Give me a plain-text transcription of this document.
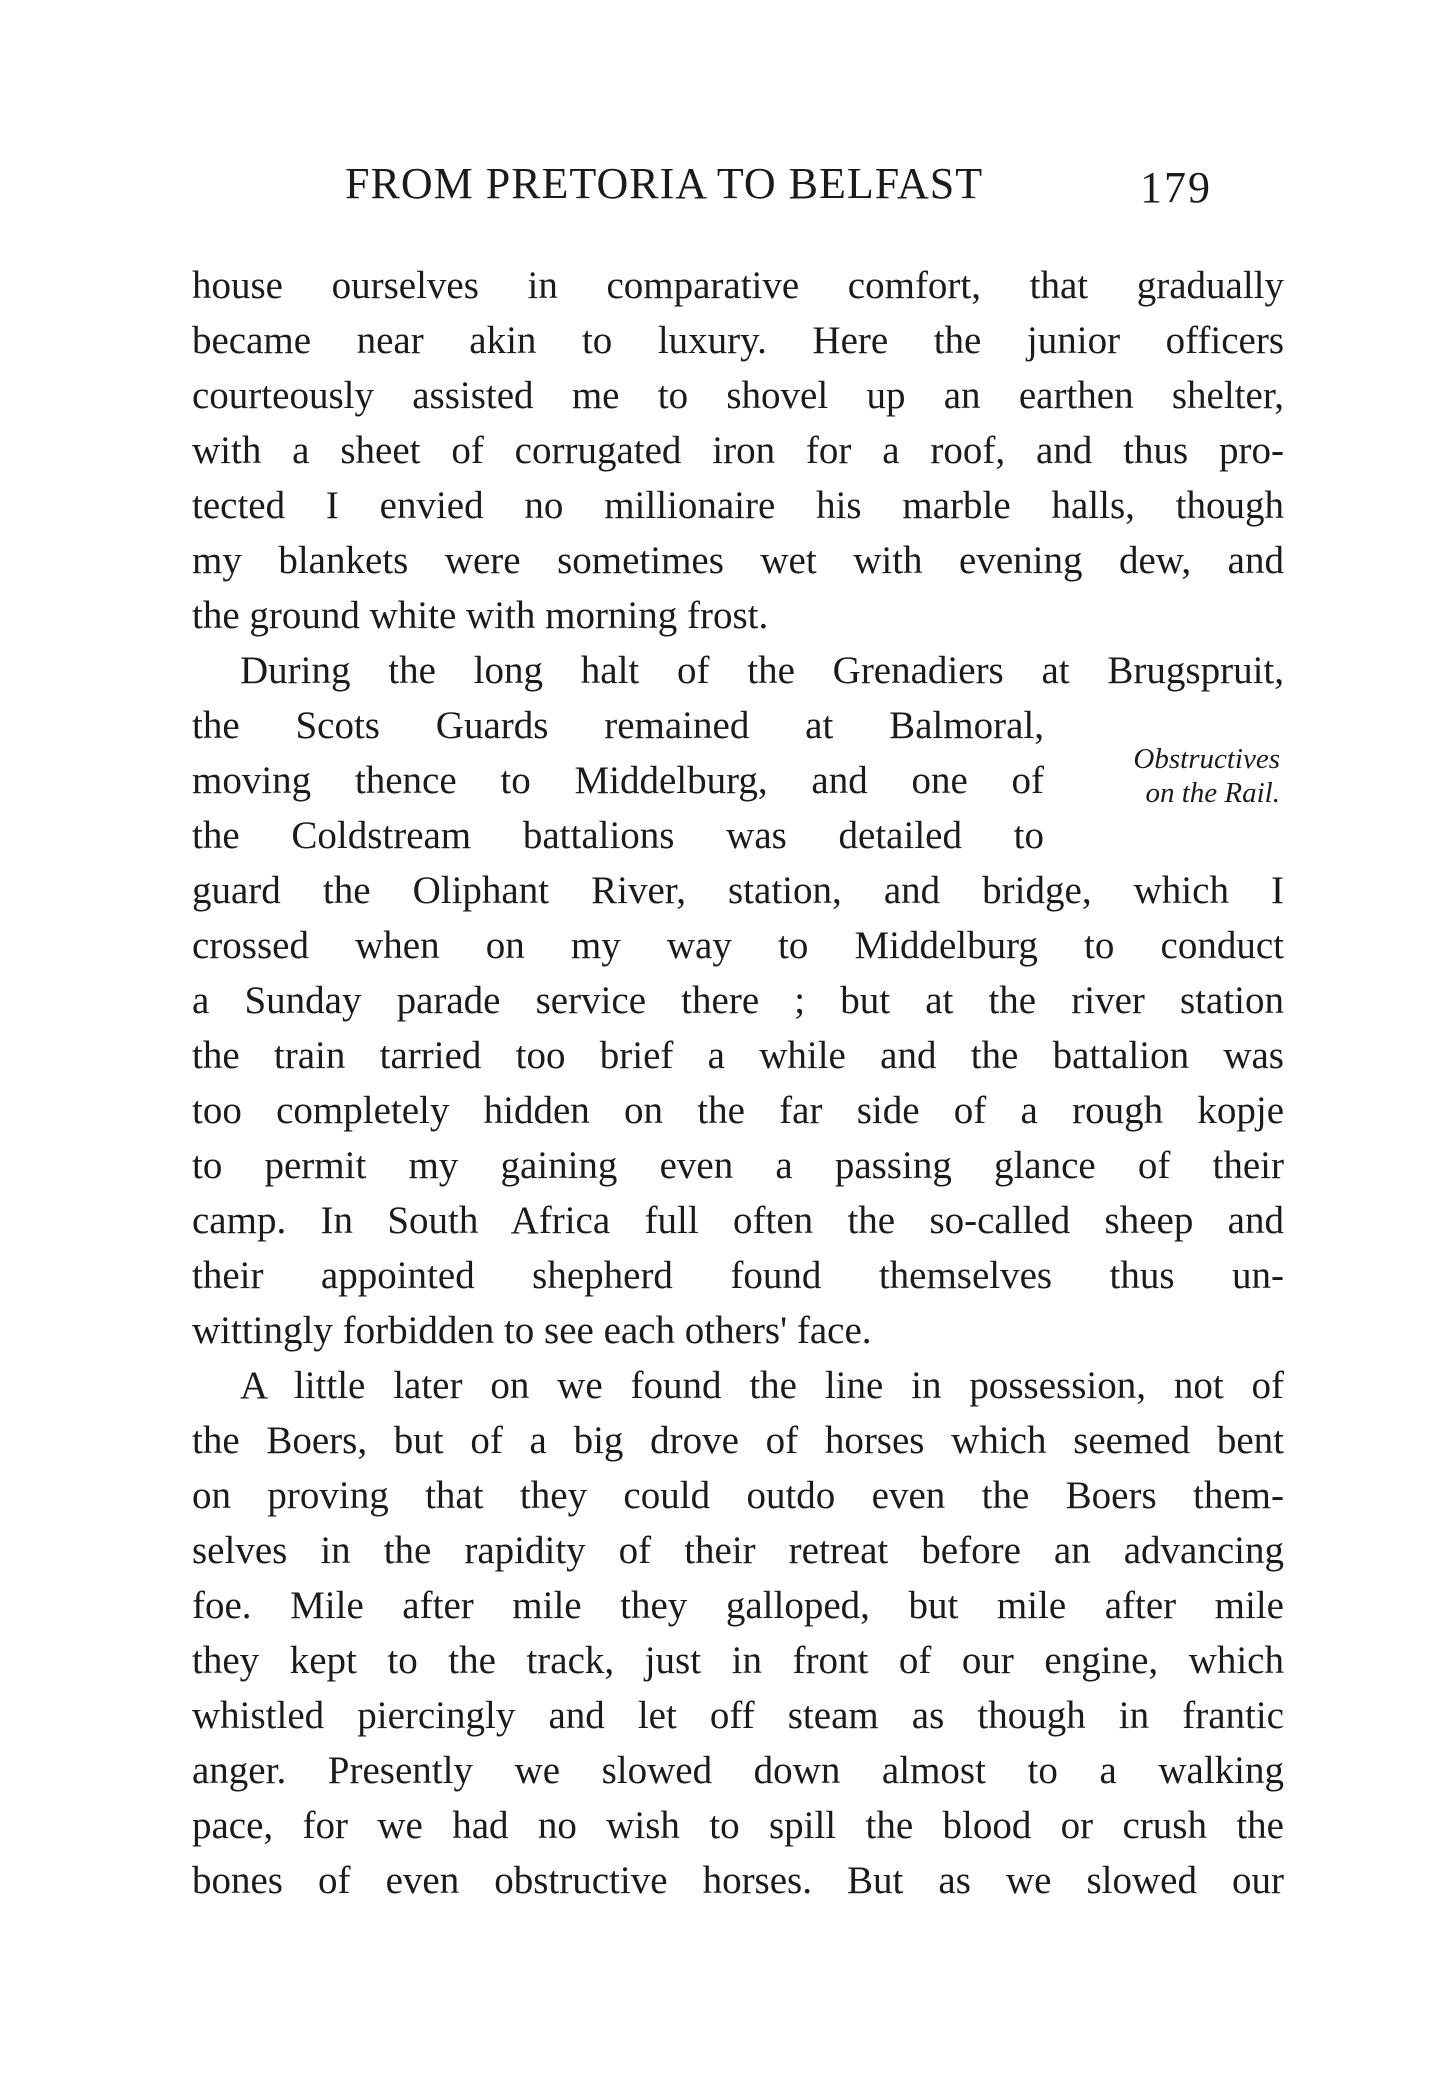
FROM PRETORIA TO BELFAST	179
house ourselves in comparative comfort, that gradually
became near akin to luxury. Here the junior officers
courteously assisted me to shovel up an earthen shelter,
with a sheet of corrugated iron for a roof, and thus pro-
tected I envied no millionaire his marble halls, though
my blankets were sometimes wet with evening dew, and
the ground white with morning frost.
During the long halt of the Grenadiers at Brugspruit,
the Scots Guards remained at Balmoral,
moving thence to Middelburg, and one of
the Coldstream battalions was detailed to
guard the Oliphant River, station, and bridge, which I
crossed when on my way to Middelburg to conduct
a Sunday parade service there ; but at the river station
the train tarried too brief a while and the battalion was
too completely hidden on the far side of a rough kopje
to permit my gaining even a passing glance of their
camp. In South Africa full often the so-called sheep and
their appointed shepherd found themselves thus un-
wittingly forbidden to see each others' face.
Obstructives
on the Rail.
A little later on we found the line in possession, not of
the Boers, but of a big drove of horses which seemed bent
on proving that they could outdo even the Boers them-
selves in the rapidity of their retreat before an advancing
foe. Mile after mile they galloped, but mile after mile
they kept to the track, just in front of our engine, which
whistled piercingly and let off steam as though in frantic
anger. Presently we slowed down almost to a walking
pace, for we had no wish to spill the blood or crush the
bones of even obstructive horses. But as we slowed our
